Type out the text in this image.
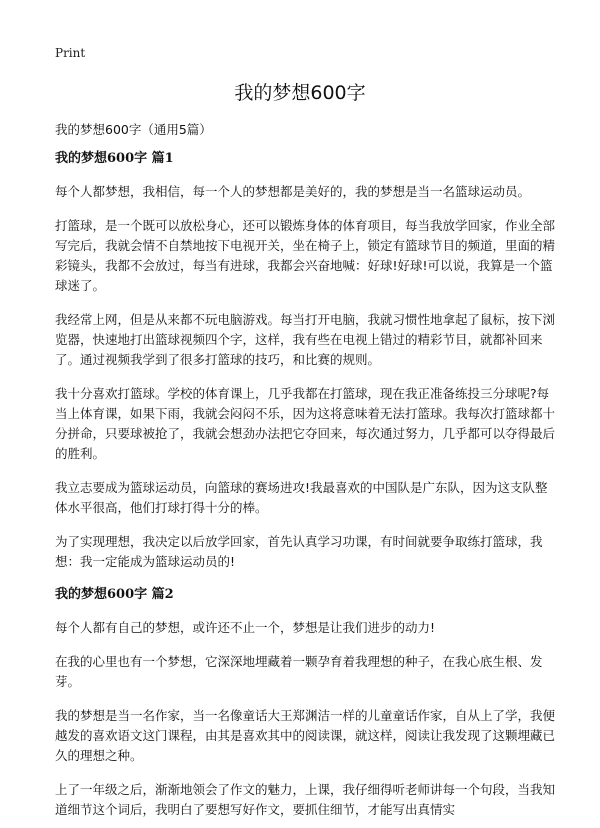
Print
我的梦想600字
我的梦想600字（通用5篇）
我的梦想600字 篇1

每个人都梦想，我相信，每一个人的梦想都是美好的，我的梦想是当一名篮球运动员。

打篮球，是一个既可以放松身心，还可以锻炼身体的体育项目，每当我放学回家，作业全部写完后，我就会情不自禁地按下电视开关，坐在椅子上，锁定有篮球节目的频道，里面的精彩镜头，我都不会放过，每当有进球，我都会兴奋地喊：好球!好球!可以说，我算是一个篮球迷了。

我经常上网，但是从来都不玩电脑游戏。每当打开电脑，我就习惯性地拿起了鼠标，按下浏览器，快速地打出篮球视频四个字，这样，我有些在电视上错过的精彩节目，就都补回来了。通过视频我学到了很多打篮球的技巧，和比赛的规则。

我十分喜欢打篮球。学校的体育课上，几乎我都在打篮球，现在我正准备练投三分球呢?每当上体育课，如果下雨，我就会闷闷不乐，因为这将意味着无法打篮球。我每次打篮球都十分拼命，只要球被抢了，我就会想劲办法把它夺回来，每次通过努力，几乎都可以夺得最后的胜利。

我立志要成为篮球运动员，向篮球的赛场进攻!我最喜欢的中国队是广东队，因为这支队整体水平很高，他们打球打得十分的棒。

为了实现理想，我决定以后放学回家，首先认真学习功课，有时间就要争取练打篮球，我想：我一定能成为篮球运动员的!

我的梦想600字 篇2

每个人都有自己的梦想，或许还不止一个，梦想是让我们进步的动力!

在我的心里也有一个梦想，它深深地埋藏着一颗孕育着我理想的种子，在我心底生根、发芽。

我的梦想是当一名作家，当一名像童话大王郑渊洁一样的儿童童话作家，自从上了学，我便越发的喜欢语文这门课程，由其是喜欢其中的阅读课，就这样，阅读让我发现了这颗埋藏已久的理想之种。

上了一年级之后，渐渐地领会了作文的魅力，上课，我仔细得听老师讲每一个句段，当我知道细节这个词后，我明白了要想写好作文，要抓住细节，才能写出真情实
